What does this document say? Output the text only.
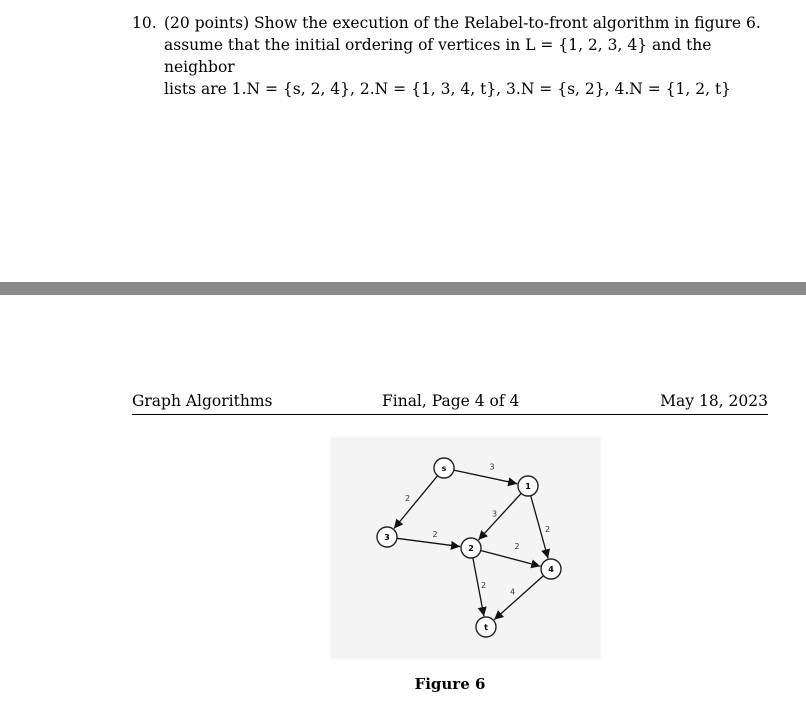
10. (20 points) Show the execution of the Relabel-to-front algorithm in figure 6.
assume that the initial ordering of vertices in L = {1, 2, 3, 4} and the neighbor
lists are 1.N = {s, 2, 4}, 2.N = {1, 3, 4, t}, 3.N = {s, 2}, 4.N = {1, 2, t}
Graph Algorithms	Final, Page 4 of 4	May 18, 2023
3
2
3
2
2
2
2
4
s
1
2
3
4
t
Figure 6
